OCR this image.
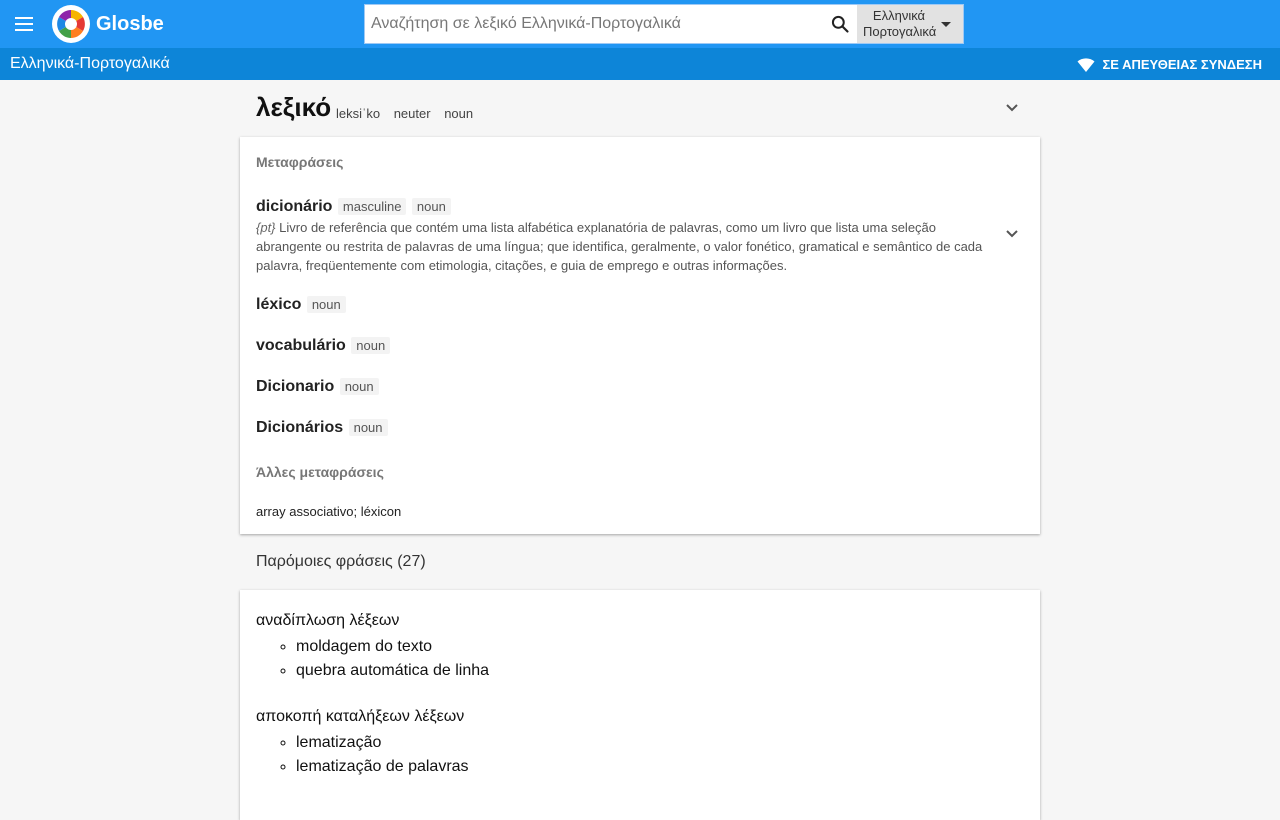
Glosbe
Αναζήτηση σε λεξικό Ελληνικά-Πορτογαλικά	Ελληνικά
Πορτογαλικά
Ελληνικά-Πορτογαλικά	ΣΕ ΑΠΕΥΘΕΙΑΣ ΣΥΝΔΕΣΗ
λεξικό leksiˈko neuter noun
Μεταφράσεις
dicionário masculine noun
{pt} Livro de referência que contém uma lista alfabética explanatória de palavras, como um livro que lista uma seleção abrangente ou restrita de palavras de uma língua; que identifica, geralmente, o valor fonético, gramatical e semântico de cada palavra, freqüentemente com etimologia, citações, e guia de emprego e outras informações.
léxico noun
vocabulário noun
Dicionario noun
Dicionários noun
Άλλες μεταφράσεις
array associativo; léxicon
Παρόμοιες φράσεις (27)
αναδίπλωση λέξεων
◦ moldagem do texto
◦ quebra automática de linha
αποκοπή καταλήξεων λέξεων
◦ lematização
◦ lematização de palavras
